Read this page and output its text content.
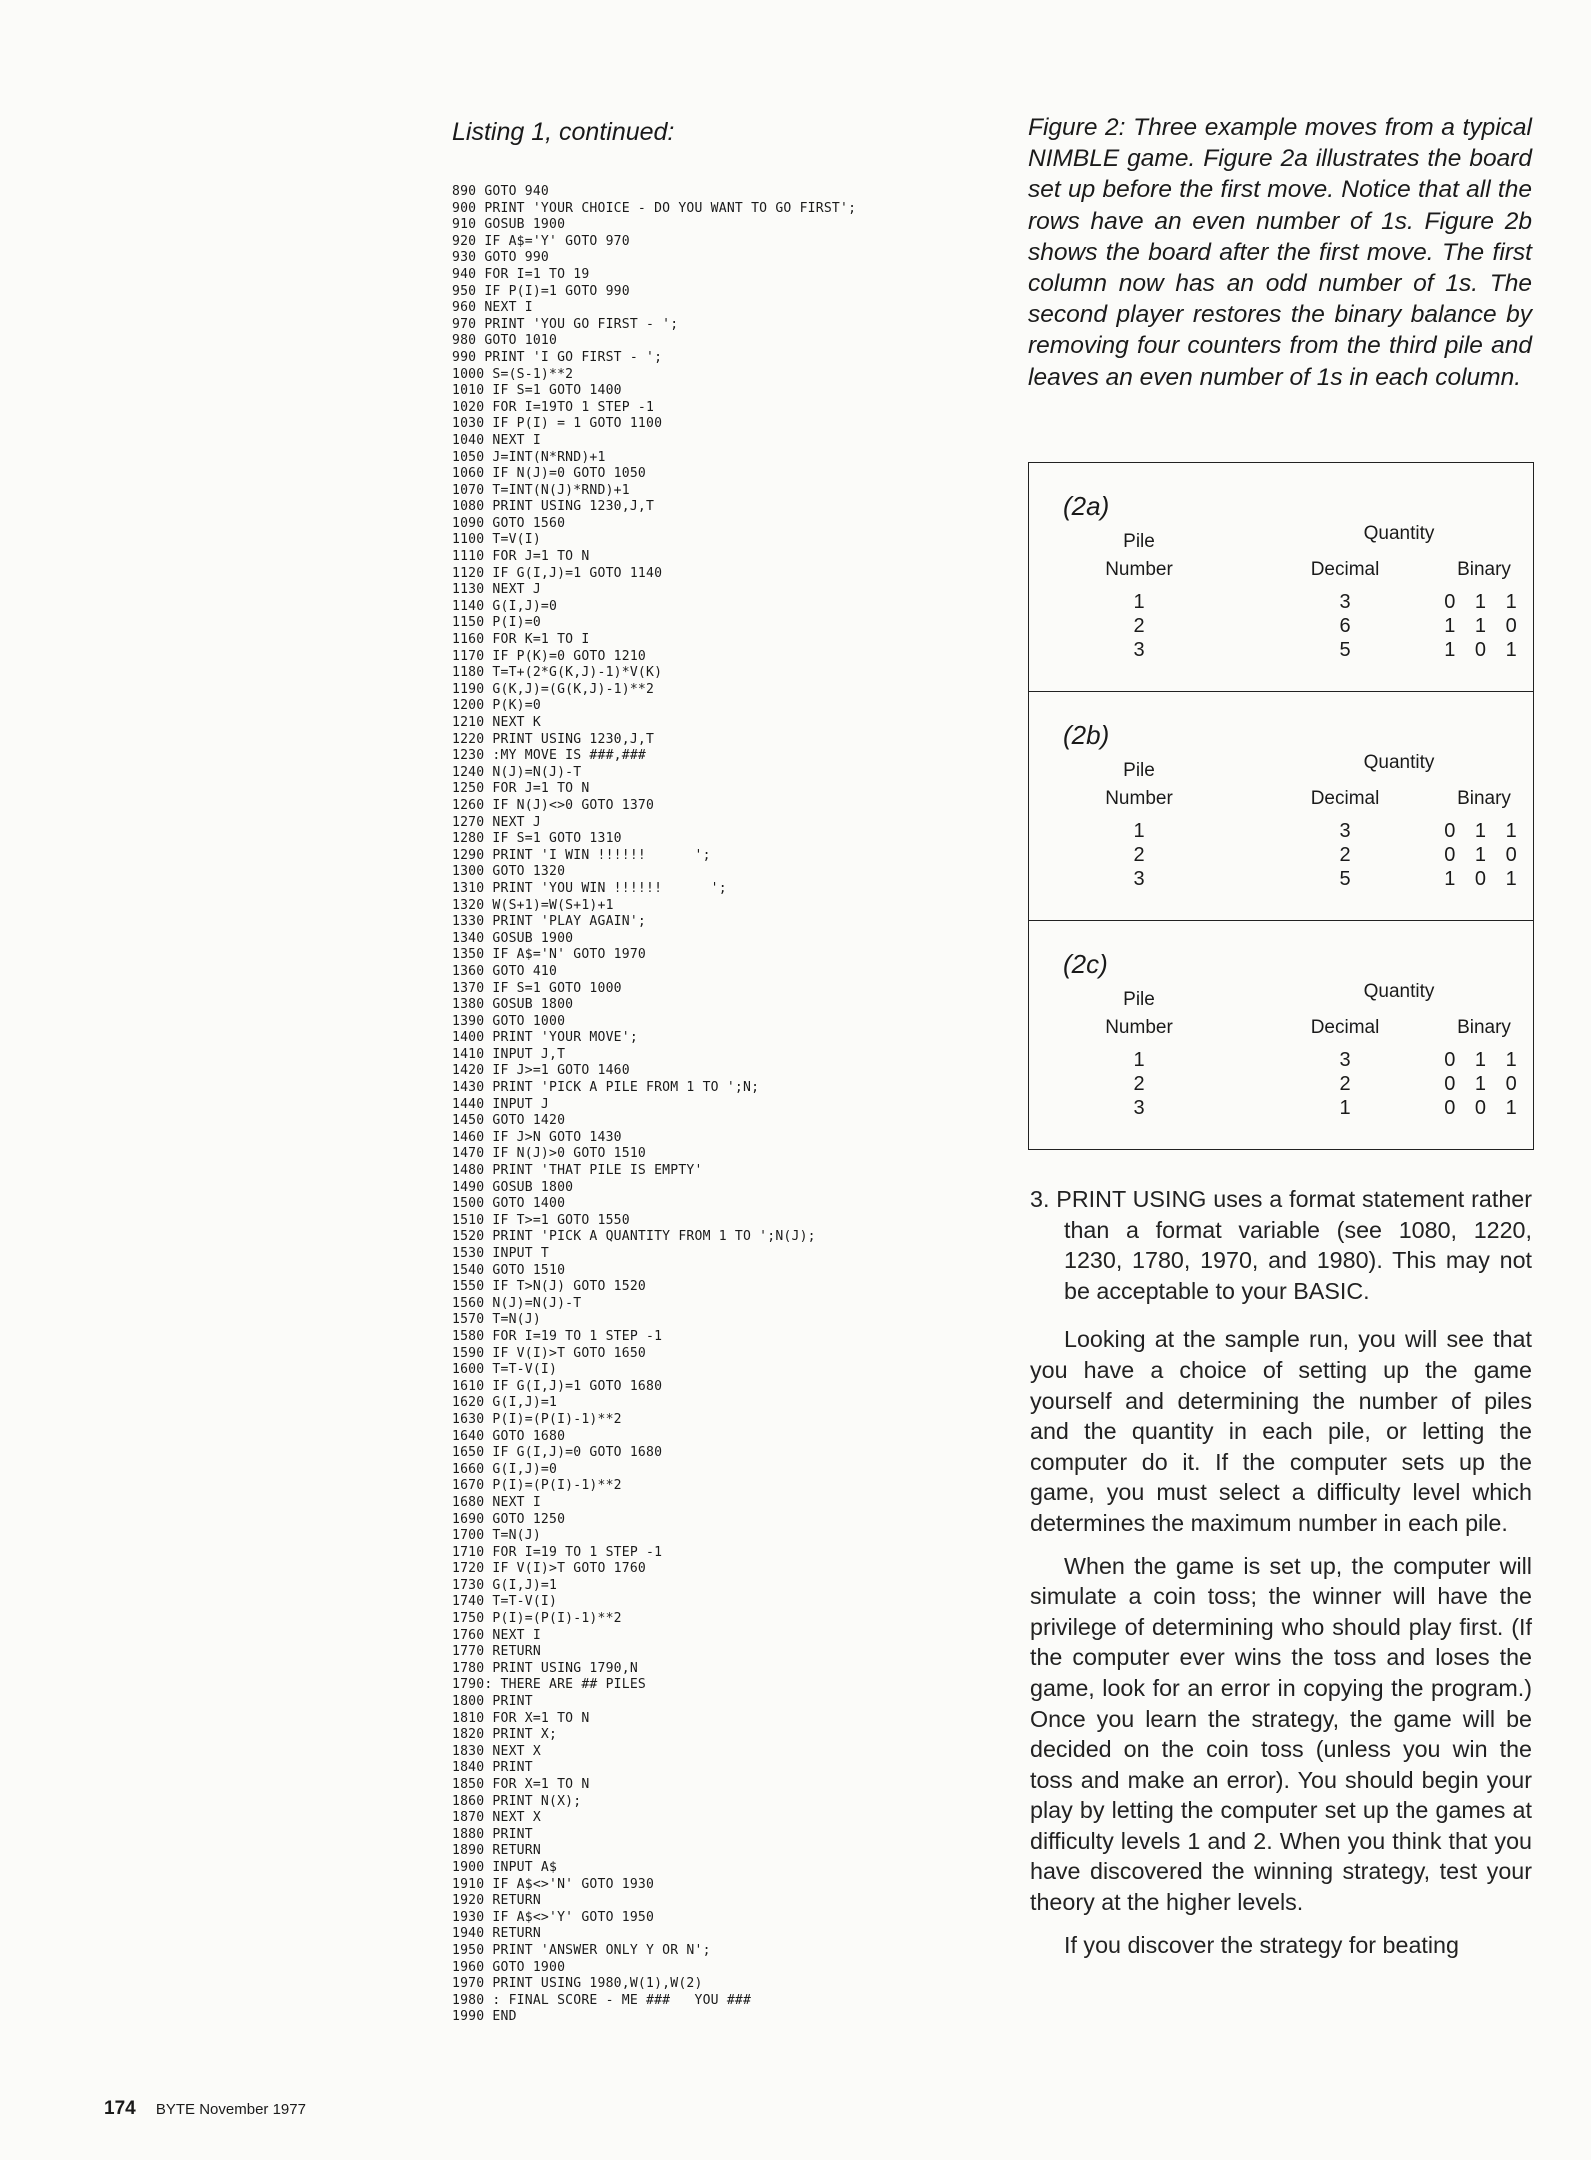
Listing 1, continued:
890 GOTO 940
900 PRINT 'YOUR CHOICE - DO YOU WANT TO GO FIRST';
910 GOSUB 1900
920 IF A$='Y' GOTO 970
930 GOTO 990
940 FOR I=1 TO 19
950 IF P(I)=1 GOTO 990
960 NEXT I
970 PRINT 'YOU GO FIRST - ';
980 GOTO 1010
990 PRINT 'I GO FIRST - ';
1000 S=(S-1)**2
1010 IF S=1 GOTO 1400
1020 FOR I=19TO 1 STEP -1
1030 IF P(I) = 1 GOTO 1100
1040 NEXT I
1050 J=INT(N*RND)+1
1060 IF N(J)=0 GOTO 1050
1070 T=INT(N(J)*RND)+1
1080 PRINT USING 1230,J,T
1090 GOTO 1560
1100 T=V(I)
1110 FOR J=1 TO N
1120 IF G(I,J)=1 GOTO 1140
1130 NEXT J
1140 G(I,J)=0
1150 P(I)=0
1160 FOR K=1 TO I
1170 IF P(K)=0 GOTO 1210
1180 T=T+(2*G(K,J)-1)*V(K)
1190 G(K,J)=(G(K,J)-1)**2
1200 P(K)=0
1210 NEXT K
1220 PRINT USING 1230,J,T
1230 :MY MOVE IS ###,###
1240 N(J)=N(J)-T
1250 FOR J=1 TO N
1260 IF N(J)<>0 GOTO 1370
1270 NEXT J
1280 IF S=1 GOTO 1310
1290 PRINT 'I WIN !!!!!!      ';
1300 GOTO 1320
1310 PRINT 'YOU WIN !!!!!!      ';
1320 W(S+1)=W(S+1)+1
1330 PRINT 'PLAY AGAIN';
1340 GOSUB 1900
1350 IF A$='N' GOTO 1970
1360 GOTO 410
1370 IF S=1 GOTO 1000
1380 GOSUB 1800
1390 GOTO 1000
1400 PRINT 'YOUR MOVE';
1410 INPUT J,T
1420 IF J>=1 GOTO 1460
1430 PRINT 'PICK A PILE FROM 1 TO ';N;
1440 INPUT J
1450 GOTO 1420
1460 IF J>N GOTO 1430
1470 IF N(J)>0 GOTO 1510
1480 PRINT 'THAT PILE IS EMPTY'
1490 GOSUB 1800
1500 GOTO 1400
1510 IF T>=1 GOTO 1550
1520 PRINT 'PICK A QUANTITY FROM 1 TO ';N(J);
1530 INPUT T
1540 GOTO 1510
1550 IF T>N(J) GOTO 1520
1560 N(J)=N(J)-T
1570 T=N(J)
1580 FOR I=19 TO 1 STEP -1
1590 IF V(I)>T GOTO 1650
1600 T=T-V(I)
1610 IF G(I,J)=1 GOTO 1680
1620 G(I,J)=1
1630 P(I)=(P(I)-1)**2
1640 GOTO 1680
1650 IF G(I,J)=0 GOTO 1680
1660 G(I,J)=0
1670 P(I)=(P(I)-1)**2
1680 NEXT I
1690 GOTO 1250
1700 T=N(J)
1710 FOR I=19 TO 1 STEP -1
1720 IF V(I)>T GOTO 1760
1730 G(I,J)=1
1740 T=T-V(I)
1750 P(I)=(P(I)-1)**2
1760 NEXT I
1770 RETURN
1780 PRINT USING 1790,N
1790: THERE ARE ## PILES
1800 PRINT
1810 FOR X=1 TO N
1820 PRINT X;
1830 NEXT X
1840 PRINT
1850 FOR X=1 TO N
1860 PRINT N(X);
1870 NEXT X
1880 PRINT
1890 RETURN
1900 INPUT A$
1910 IF A$<>'N' GOTO 1930
1920 RETURN
1930 IF A$<>'Y' GOTO 1950
1940 RETURN
1950 PRINT 'ANSWER ONLY Y OR N';
1960 GOTO 1900
1970 PRINT USING 1980,W(1),W(2)
1980 : FINAL SCORE - ME ###   YOU ###
1990 END

Figure 2: Three example moves from a typical NIMBLE game. Figure 2a illustrates the board set up before the first move. Notice that all the rows have an even number of 1s. Figure 2b shows the board after the first move. The first column now has an odd number of 1s. The second player restores the binary balance by removing four counters from the third pile and leaves an even number of 1s in each column.

(2a)
Pile
Number
Quantity
Decimal	Binary
1	3	0 1 1
2	6	1 1 0
3	5	1 0 1
(2b)
Pile
Number
Quantity
Decimal	Binary
1	3	0 1 1
2	2	0 1 0
3	5	1 0 1
(2c)
Pile
Number
Quantity
Decimal	Binary
1	3	0 1 1
2	2	0 1 0
3	1	0 0 1

3. PRINT USING uses a format statement rather than a format variable (see 1080, 1220, 1230, 1780, 1970, and 1980). This may not be acceptable to your BASIC.

Looking at the sample run, you will see that you have a choice of setting up the game yourself and determining the number of piles and the quantity in each pile, or letting the computer do it. If the computer sets up the game, you must select a difficulty level which determines the maximum number in each pile.

When the game is set up, the computer will simulate a coin toss; the winner will have the privilege of determining who should play first. (If the computer ever wins the toss and loses the game, look for an error in copying the program.) Once you learn the strategy, the game will be decided on the coin toss (unless you win the toss and make an error). You should begin your play by letting the computer set up the games at difficulty levels 1 and 2. When you think that you have discovered the winning strategy, test your theory at the higher levels.

If you discover the strategy for beating

174 BYTE November 1977
